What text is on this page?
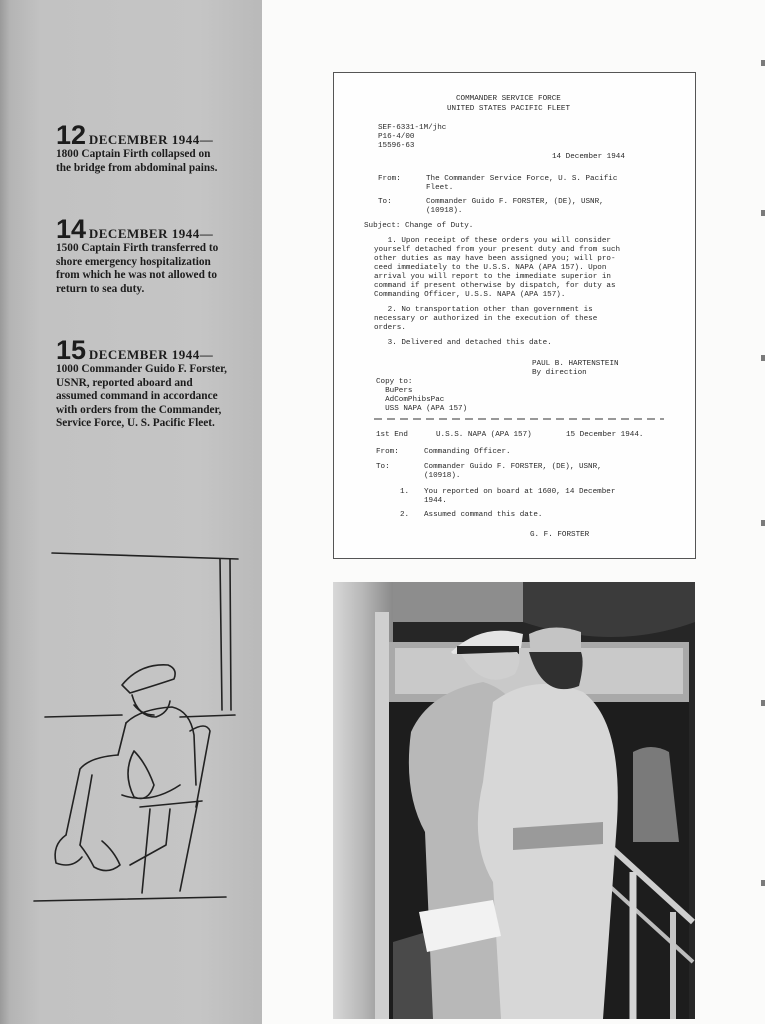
12 DECEMBER 1944—
1800 Captain Firth collapsed on the bridge from abdominal pains.
14 DECEMBER 1944—
1500 Captain Firth transferred to shore emergency hospitalization from which he was not allowed to return to sea duty.
15 DECEMBER 1944—
1000 Commander Guido F. Forster, USNR, reported aboard and assumed command in accordance with orders from the Commander, Service Force, U. S. Pacific Fleet.
COMMANDER SERVICE FORCE
UNITED STATES PACIFIC FLEET
SEF-6331-1M/jhc
P16-4/00
15596-63
14 December 1944
From:	The Commander Service Force, U. S. Pacific
Fleet.
To:	Commander Guido F. FORSTER, (DE), USNR,
(10918).
Subject: Change of Duty.
1. Upon receipt of these orders you will consider
yourself detached from your present duty and from such
other duties as may have been assigned you; will pro-
ceed immediately to the U.S.S. NAPA (APA 157). Upon
arrival you will report to the immediate superior in
command if present otherwise by dispatch, for duty as
Commanding Officer, U.S.S. NAPA (APA 157).
2. No transportation other than government is
necessary or authorized in the execution of these
orders.
3. Delivered and detached this date.
PAUL B. HARTENSTEIN
By direction
Copy to:
BuPers
AdComPhibsPac
USS NAPA (APA 157)
1st End	U.S.S. NAPA (APA 157)	15 December 1944.
From:	Commanding Officer.
To:	Commander Guido F. FORSTER, (DE), USNR,
(10918).
1. You reported on board at 1600, 14 December
1944.
2. Assumed command this date.
G. F. FORSTER
